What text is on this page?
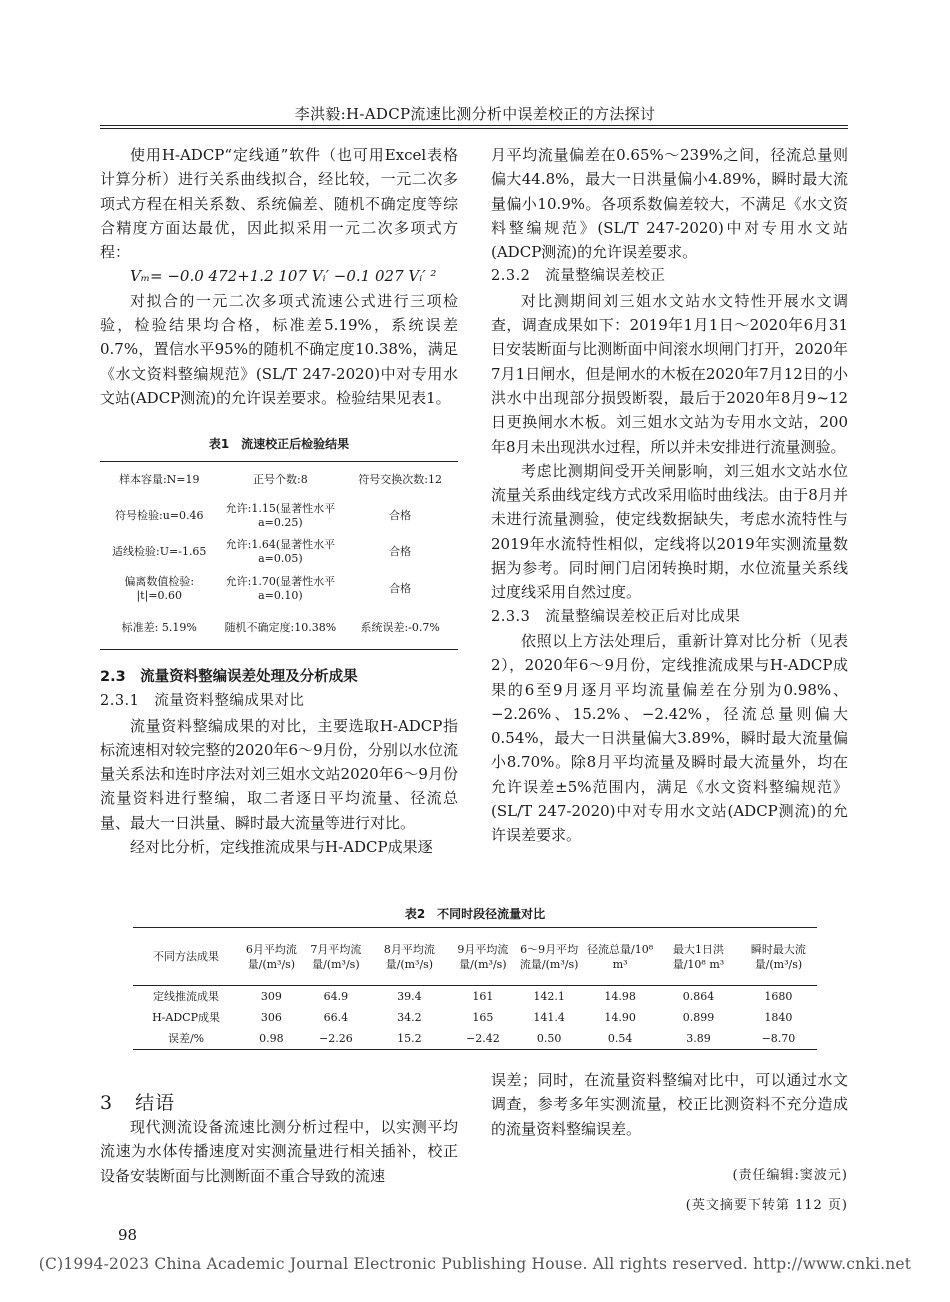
李洪毅:H-ADCP流速比测分析中误差校正的方法探讨

使用H-ADCP“定线通”软件（也可用Excel表格计算分析）进行关系曲线拟合，经比较，一元二次多项式方程在相关系数、系统偏差、随机不确定度等综合精度方面达最优，因此拟采用一元二次多项式方程：

Vₘ= −0.0 472+1.2 107 Vᵢ′ −0.1 027 Vᵢ′ ²

对拟合的一元二次多项式流速公式进行三项检验，检验结果均合格，标准差5.19%，系统误差0.7%，置信水平95%的随机不确定度10.38%，满足《水文资料整编规范》(SL/T 247-2020)中对专用水文站(ADCP测流)的允许误差要求。检验结果见表1。

表1　流速校正后检验结果
样本容量:N=19	正号个数:8	符号交换次数:12
符号检验:u=0.46	允许:1.15(显著性水平
a=0.25)	合格
适线检验:U=-1.65	允许:1.64(显著性水平
a=0.05)	合格
偏离数值检验:
|t|=0.60	允许:1.70(显著性水平
a=0.10)	合格
标准差: 5.19%	随机不确定度:10.38%	系统误差:-0.7%

2.3　流量资料整编误差处理及分析成果

2.3.1　流量资料整编成果对比

流量资料整编成果的对比，主要选取H-ADCP指标流速相对较完整的2020年6～9月份，分别以水位流量关系法和连时序法对刘三姐水文站2020年6～9月份流量资料进行整编，取二者逐日平均流量、径流总量、最大一日洪量、瞬时最大流量等进行对比。

经对比分析，定线推流成果与H-ADCP成果逐

月平均流量偏差在0.65%～239%之间，径流总量则偏大44.8%，最大一日洪量偏小4.89%，瞬时最大流量偏小10.9%。各项系数偏差较大，不满足《水文资料整编规范》(SL/T 247-2020)中对专用水文站(ADCP测流)的允许误差要求。

2.3.2　流量整编误差校正

对比测期间刘三姐水文站水文特性开展水文调查，调查成果如下：2019年1月1日～2020年6月31日安装断面与比测断面中间滚水坝闸门打开，2020年7月1日闸水，但是闸水的木板在2020年7月12日的小洪水中出现部分损毁断裂，最后于2020年8月9~12日更换闸水木板。刘三姐水文站为专用水文站，200年8月未出现洪水过程，所以并未安排进行流量测验。

考虑比测期间受开关闸影响，刘三姐水文站水位流量关系曲线定线方式改采用临时曲线法。由于8月并未进行流量测验，使定线数据缺失，考虑水流特性与2019年水流特性相似，定线将以2019年实测流量数据为参考。同时闸门启闭转换时期，水位流量关系线过度线采用自然过度。

2.3.3　流量整编误差校正后对比成果

依照以上方法处理后，重新计算对比分析（见表2），2020年6～9月份，定线推流成果与H-ADCP成果的6至9月逐月平均流量偏差在分别为0.98%、−2.26%、15.2%、−2.42%，径流总量则偏大0.54%，最大一日洪量偏大3.89%，瞬时最大流量偏小8.70%。除8月平均流量及瞬时最大流量外，均在允许误差±5%范围内，满足《水文资料整编规范》(SL/T 247-2020)中对专用水文站(ADCP测流)的允许误差要求。

表2　不同时段径流量对比
不同方法成果	6月平均流量/(m³/s)	7月平均流量/(m³/s)	8月平均流量/(m³/s)	9月平均流量/(m³/s)	6～9月平均流量/(m³/s)	径流总量/10⁸ m³	最大1日洪量/10⁸ m³	瞬时最大流量/(m³/s)
定线推流成果	309	64.9	39.4	161	142.1	14.98	0.864	1680
H-ADCP成果	306	66.4	34.2	165	141.4	14.90	0.899	1840
误差/%	0.98	−2.26	15.2	−2.42	0.50	0.54	3.89	−8.70
3 结语

现代测流设备流速比测分析过程中，以实测平均流速为水体传播速度对实测流量进行相关插补，校正设备安装断面与比测断面不重合导致的流速

误差；同时，在流量资料整编对比中，可以通过水文调查，参考多年实测流量，校正比测资料不充分造成的流量资料整编误差。

(责任编辑:窦波元)
(英文摘要下转第 112 页)
98
(C)1994-2023 China Academic Journal Electronic Publishing House. All rights reserved. http://www.cnki.net
